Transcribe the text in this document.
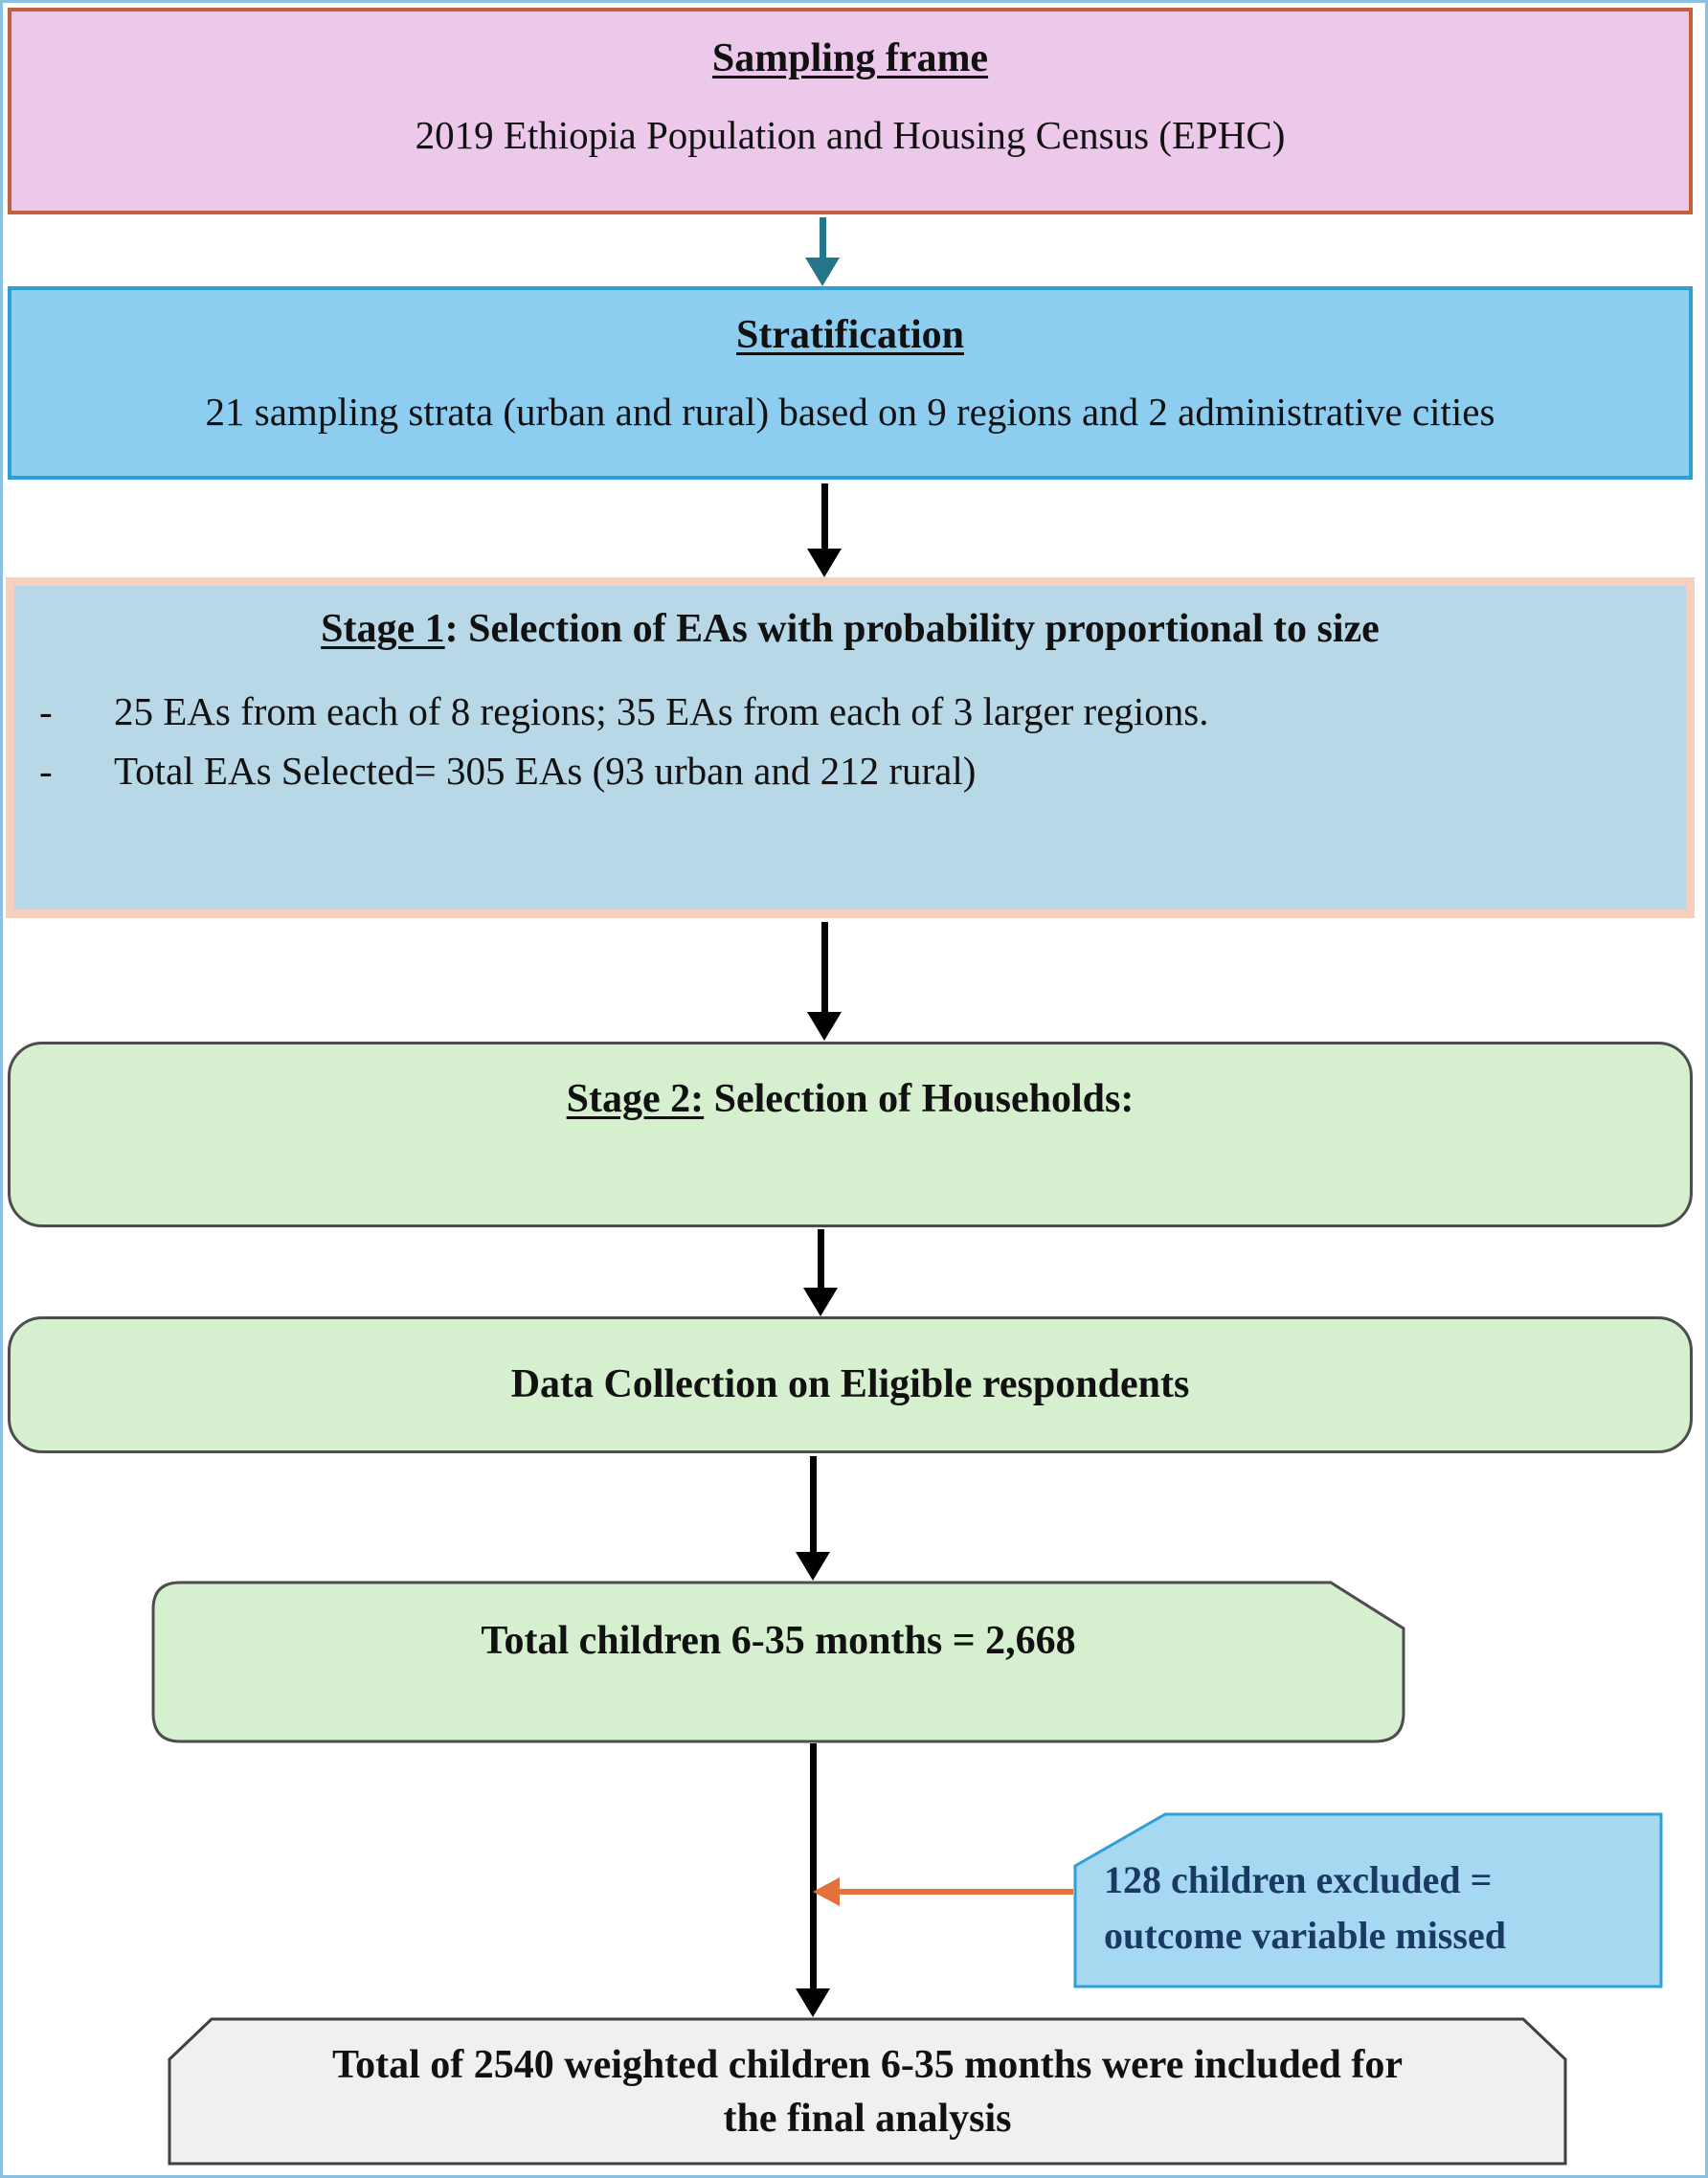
Sampling frame
2019 Ethiopia Population and Housing Census (EPHC)
Stratification
21 sampling strata (urban and rural) based on 9 regions and 2 administrative cities
Stage 1: Selection of EAs with probability proportional to size
-	25 EAs from each of 8 regions; 35 EAs from each of 3 larger regions.
-	Total EAs Selected= 305 EAs (93 urban and 212 rural)
Stage 2: Selection of Households:
Data Collection on Eligible respondents
Total children 6-35 months = 2,668
128 children excluded =
outcome variable missed
Total of 2540 weighted children 6-35 months were included for
the final analysis
